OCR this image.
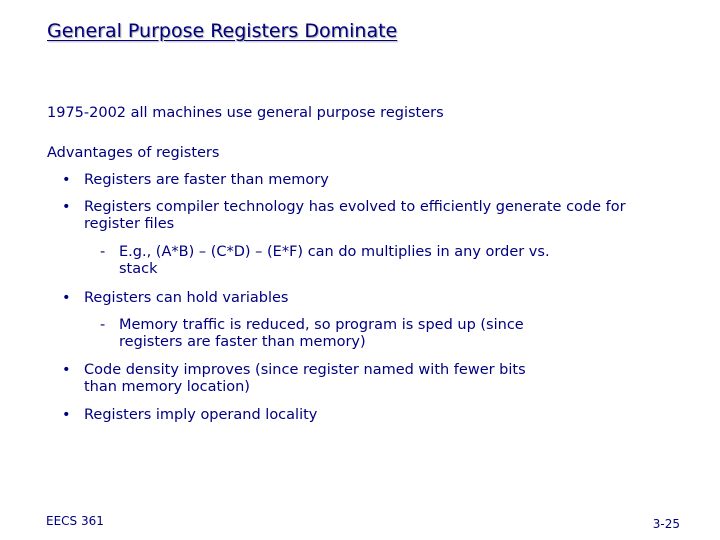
General Purpose Registers Dominate

1975-2002 all machines use general purpose registers

Advantages of registers

• Registers are faster than memory
• Registers compiler technology has evolved to efficiently generate code for register files
- E.g., (A*B) – (C*D) – (E*F) can do multiplies in any order vs. stack
• Registers can hold variables
- Memory traffic is reduced, so program is sped up (since registers are faster than memory)
• Code density improves (since register named with fewer bits than memory location)
• Registers imply operand locality
EECS 361	3-25
